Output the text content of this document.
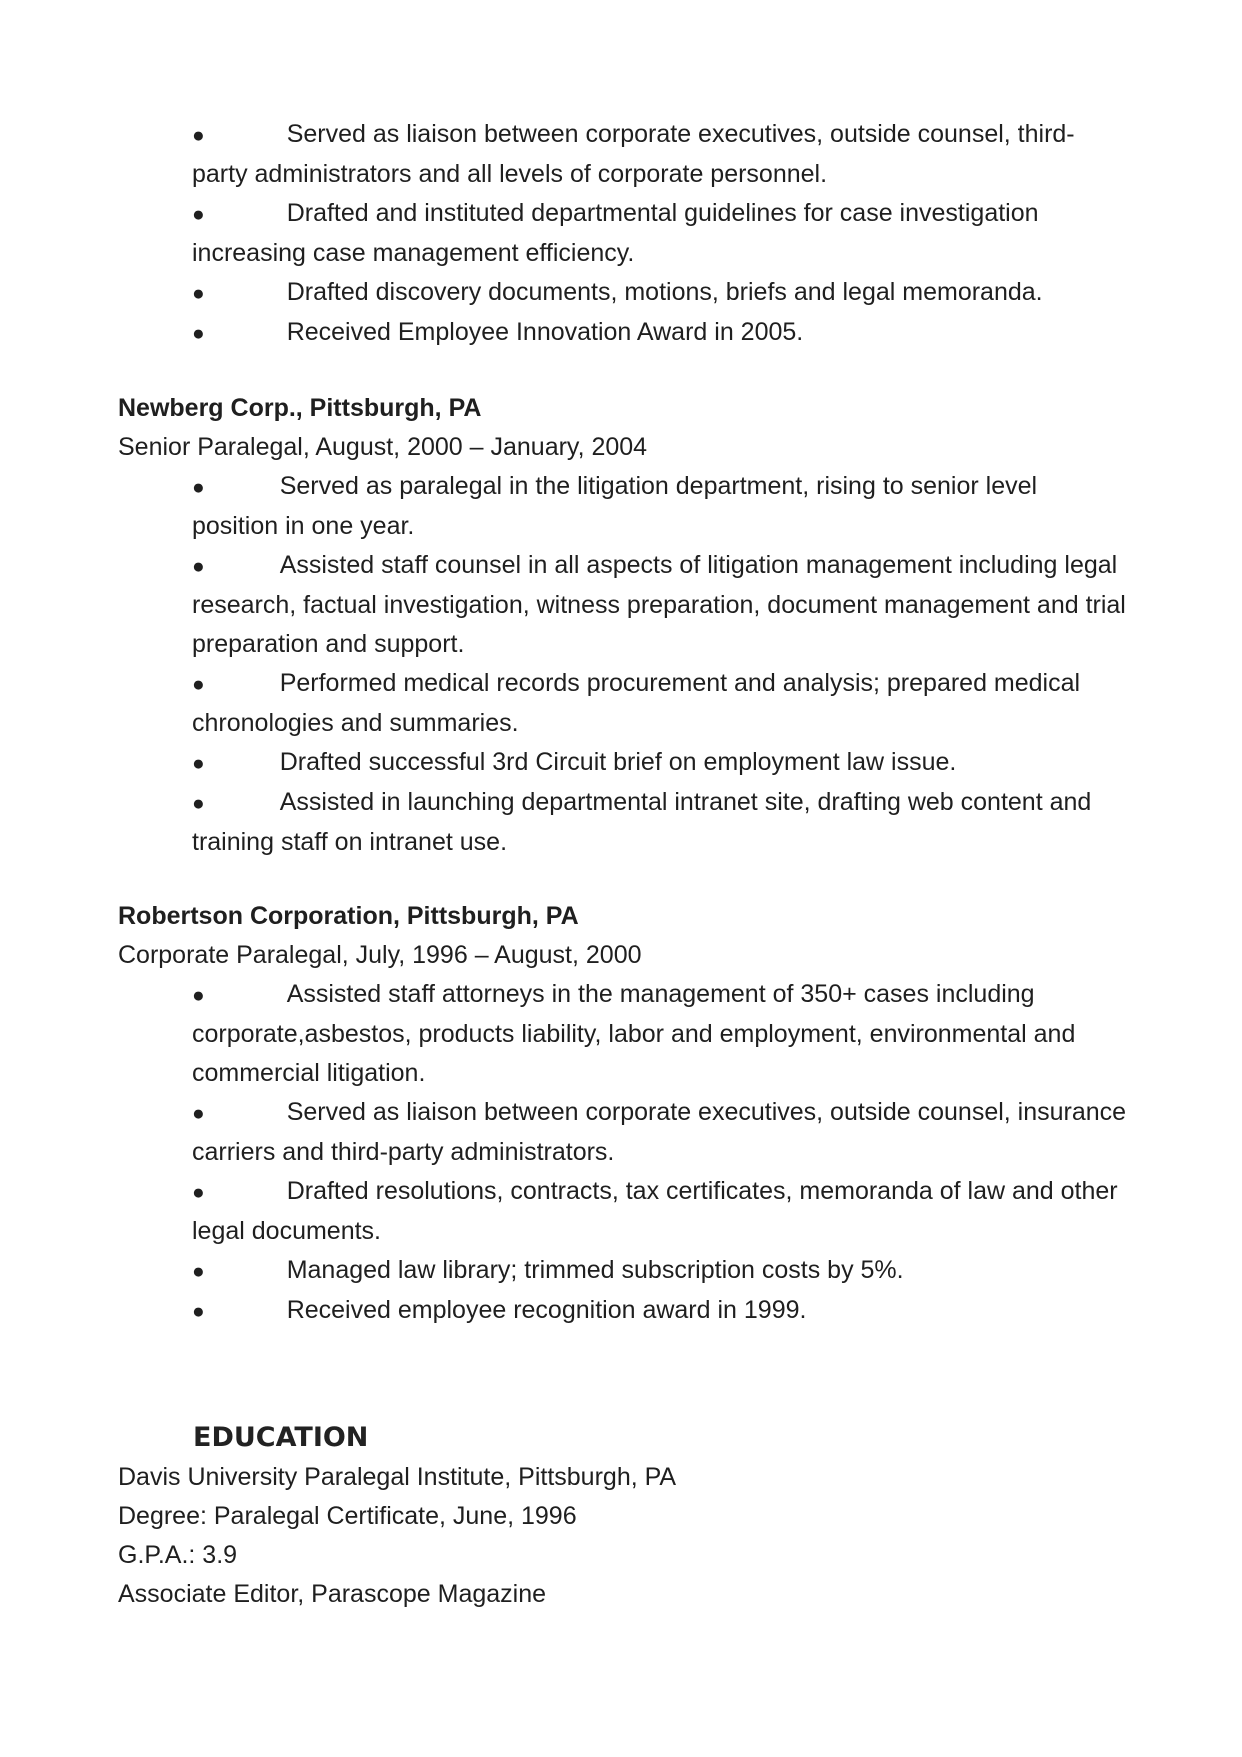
●	Served as liaison between corporate executives, outside counsel, third-party administrators and all levels of corporate personnel.
●	Drafted and instituted departmental guidelines for case investigation increasing case management efficiency.
●	Drafted discovery documents, motions, briefs and legal memoranda.
●	Received Employee Innovation Award in 2005.

Newberg Corp., Pittsburgh, PA

Senior Paralegal, August, 2000 – January, 2004

●	Served as paralegal in the litigation department, rising to senior level position in one year.
●	Assisted staff counsel in all aspects of litigation management including legal research, factual investigation, witness preparation, document management and trial preparation and support.
●	Performed medical records procurement and analysis; prepared medical chronologies and summaries.
●	Drafted successful 3rd Circuit brief on employment law issue.
●	Assisted in launching departmental intranet site, drafting web content and training staff on intranet use.

Robertson Corporation, Pittsburgh, PA

Corporate Paralegal, July, 1996 – August, 2000

●	Assisted staff attorneys in the management of 350+ cases including corporate,asbestos, products liability, labor and employment, environmental and commercial litigation.
●	Served as liaison between corporate executives, outside counsel, insurance carriers and third-party administrators.
●	Drafted resolutions, contracts, tax certificates, memoranda of law and other legal documents.
●	Managed law library; trimmed subscription costs by 5%.
●	Received employee recognition award in 1999.
EDUCATION

Davis University Paralegal Institute, Pittsburgh, PA

Degree: Paralegal Certificate, June, 1996

G.P.A.: 3.9

Associate Editor, Parascope Magazine
